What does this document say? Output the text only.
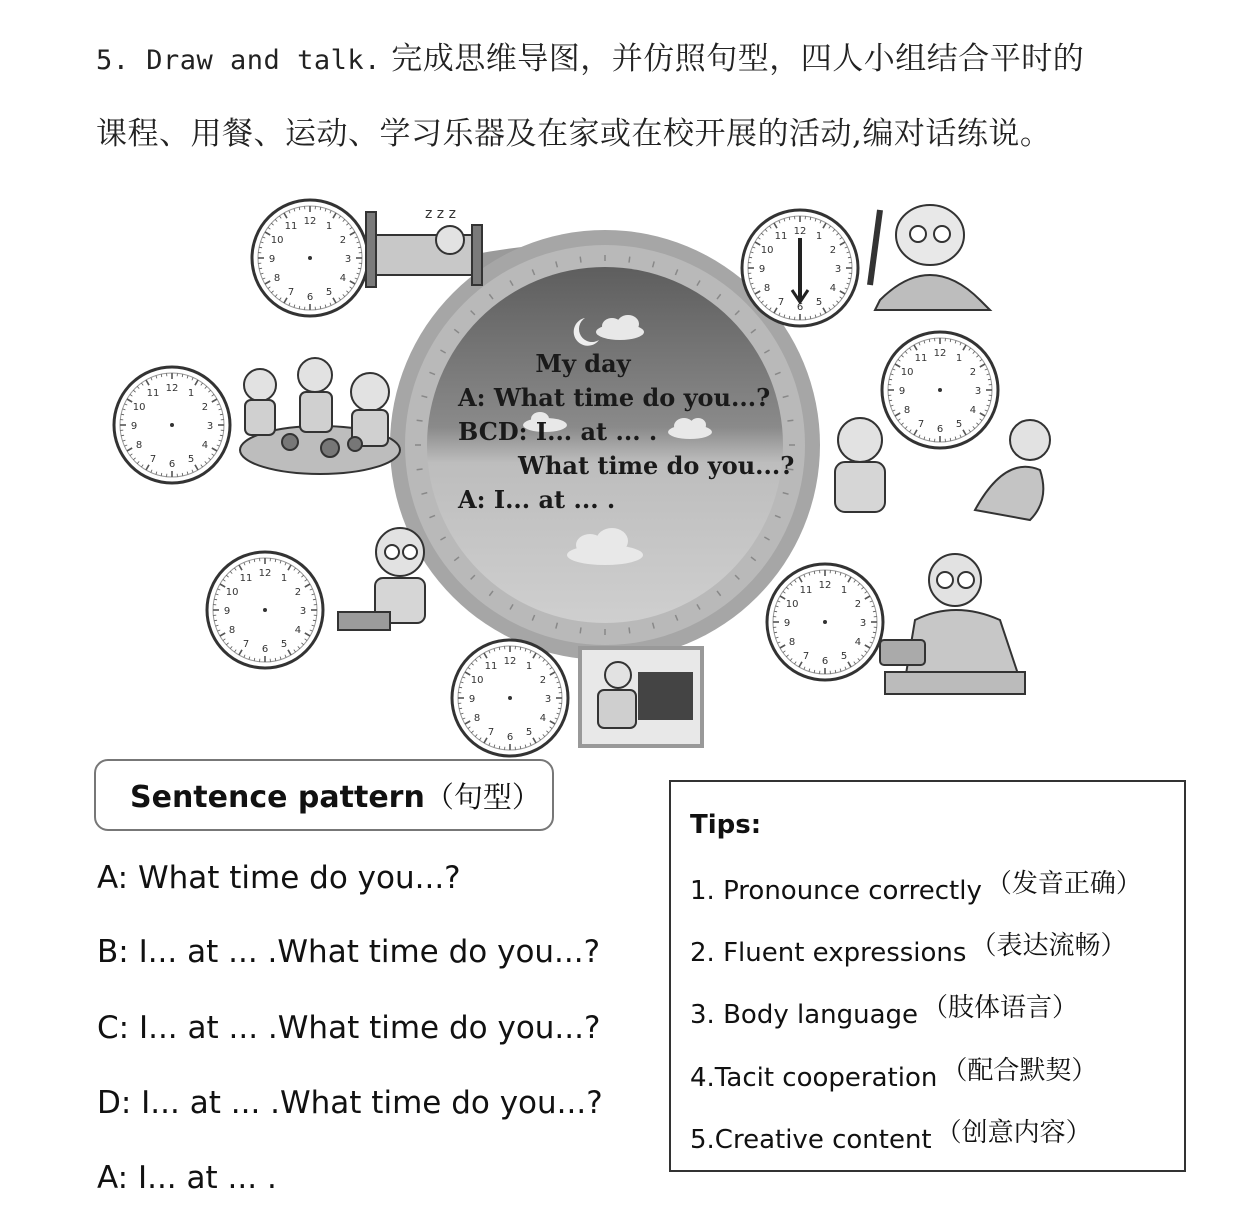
5. Draw and talk. 完成思维导图，并仿照句型，四人小组结合平时的
课程、用餐、运动、学习乐器及在家或在校开展的活动,编对话练说。
My day
A: What time do you...?
BCD: I... at ... .
What time do you...?
A: I... at ... .
12 1
2
3
4
5
6
7
8
9
10
11	12 1
2
3
4
5
6
7
8
9
10
11
12 1
2
3
4
5
6
7
8
9
10
11
12 1
2
3
4
5
6
7
8
9
10
11
12 1
2
3
4
5
6
7
8
9
10
11
12 1
2
3
4
5
6
7
8
9
10
11
12 1
2
3
4
5
6
7
8
9
10
11
z z z
Sentence pattern（句型）
A: What time do you...?
B: I... at ... .What time do you...?
C: I... at ... .What time do you...?
D: I... at ... .What time do you...?
A: I... at ... .
Tips:
1. Pronounce correctly （发音正确）
2. Fluent expressions （表达流畅）
3. Body language （肢体语言）
4.Tacit cooperation （配合默契）
5.Creative content （创意内容）
